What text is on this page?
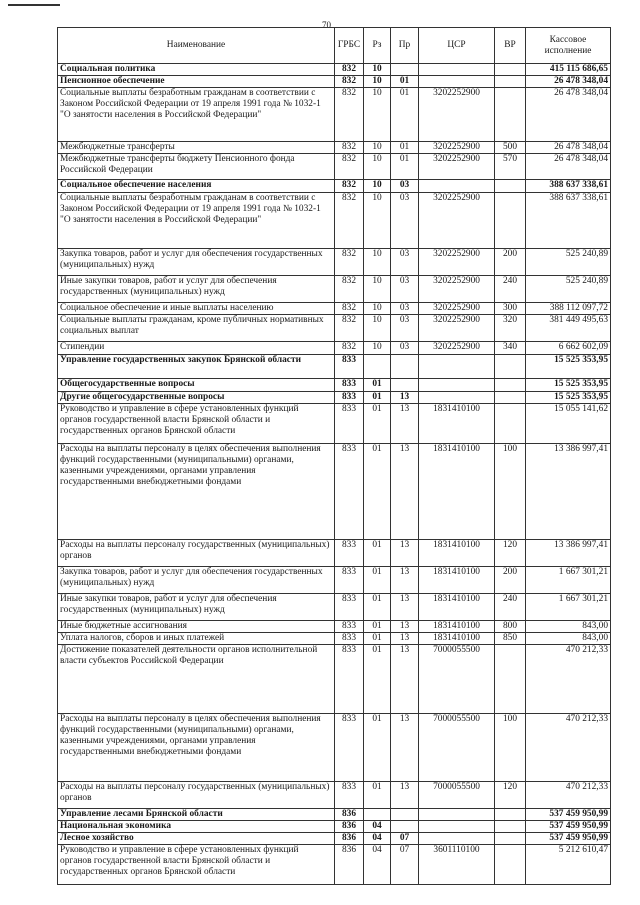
70
Наименование	ГРБС	Рз	Пр	ЦСР	ВР	Кассовое исполнение
Социальная политика	832	10				415 115 686,65
Пенсионное обеспечение	832	10	01			26 478 348,04
Социальные выплаты безработным гражданам в соответствии с Законом Российской Федерации от 19 апреля 1991 года № 1032-1 "О занятости населения в Российской Федерации"	832	10	01	3202252900		26 478 348,04
Межбюджетные трансферты	832	10	01	3202252900	500	26 478 348,04
Межбюджетные трансферты бюджету Пенсионного фонда Российской Федерации	832	10	01	3202252900	570	26 478 348,04
Социальное обеспечение населения	832	10	03			388 637 338,61
Социальные выплаты безработным гражданам в соответствии с Законом Российской Федерации от 19 апреля 1991 года № 1032-1 "О занятости населения в Российской Федерации"	832	10	03	3202252900		388 637 338,61
Закупка товаров, работ и услуг для обеспечения государственных (муниципальных) нужд	832	10	03	3202252900	200	525 240,89
Иные закупки товаров, работ и услуг для обеспечения государственных (муниципальных) нужд	832	10	03	3202252900	240	525 240,89
Социальное обеспечение и иные выплаты населению	832	10	03	3202252900	300	388 112 097,72
Социальные выплаты гражданам, кроме публичных нормативных социальных выплат	832	10	03	3202252900	320	381 449 495,63
Стипендии	832	10	03	3202252900	340	6 662 602,09
Управление государственных закупок Брянской области	833					15 525 353,95
Общегосударственные вопросы	833	01				15 525 353,95
Другие общегосударственные вопросы	833	01	13			15 525 353,95
Руководство и управление в сфере установленных функций органов государственной власти Брянской области и государственных органов Брянской области	833	01	13	1831410100		15 055 141,62
Расходы на выплаты персоналу в целях обеспечения выполнения функций государственными (муниципальными) органами, казенными учреждениями, органами управления государственными внебюджетными фондами	833	01	13	1831410100	100	13 386 997,41
Расходы на выплаты персоналу государственных (муниципальных) органов	833	01	13	1831410100	120	13 386 997,41
Закупка товаров, работ и услуг для обеспечения государственных (муниципальных) нужд	833	01	13	1831410100	200	1 667 301,21
Иные закупки товаров, работ и услуг для обеспечения государственных (муниципальных) нужд	833	01	13	1831410100	240	1 667 301,21
Иные бюджетные ассигнования	833	01	13	1831410100	800	843,00
Уплата налогов, сборов и иных платежей	833	01	13	1831410100	850	843,00
Достижение показателей деятельности органов исполнительной власти субъектов Российской Федерации	833	01	13	7000055500		470 212,33
Расходы на выплаты персоналу в целях обеспечения выполнения функций государственными (муниципальными) органами, казенными учреждениями, органами управления государственными внебюджетными фондами	833	01	13	7000055500	100	470 212,33
Расходы на выплаты персоналу государственных (муниципальных) органов	833	01	13	7000055500	120	470 212,33
Управление лесами Брянской области	836					537 459 950,99
Национальная экономика	836	04				537 459 950,99
Лесное хозяйство	836	04	07			537 459 950,99
Руководство и управление в сфере установленных функций органов государственной власти Брянской области и государственных органов Брянской области	836	04	07	3601110100		5 212 610,47
